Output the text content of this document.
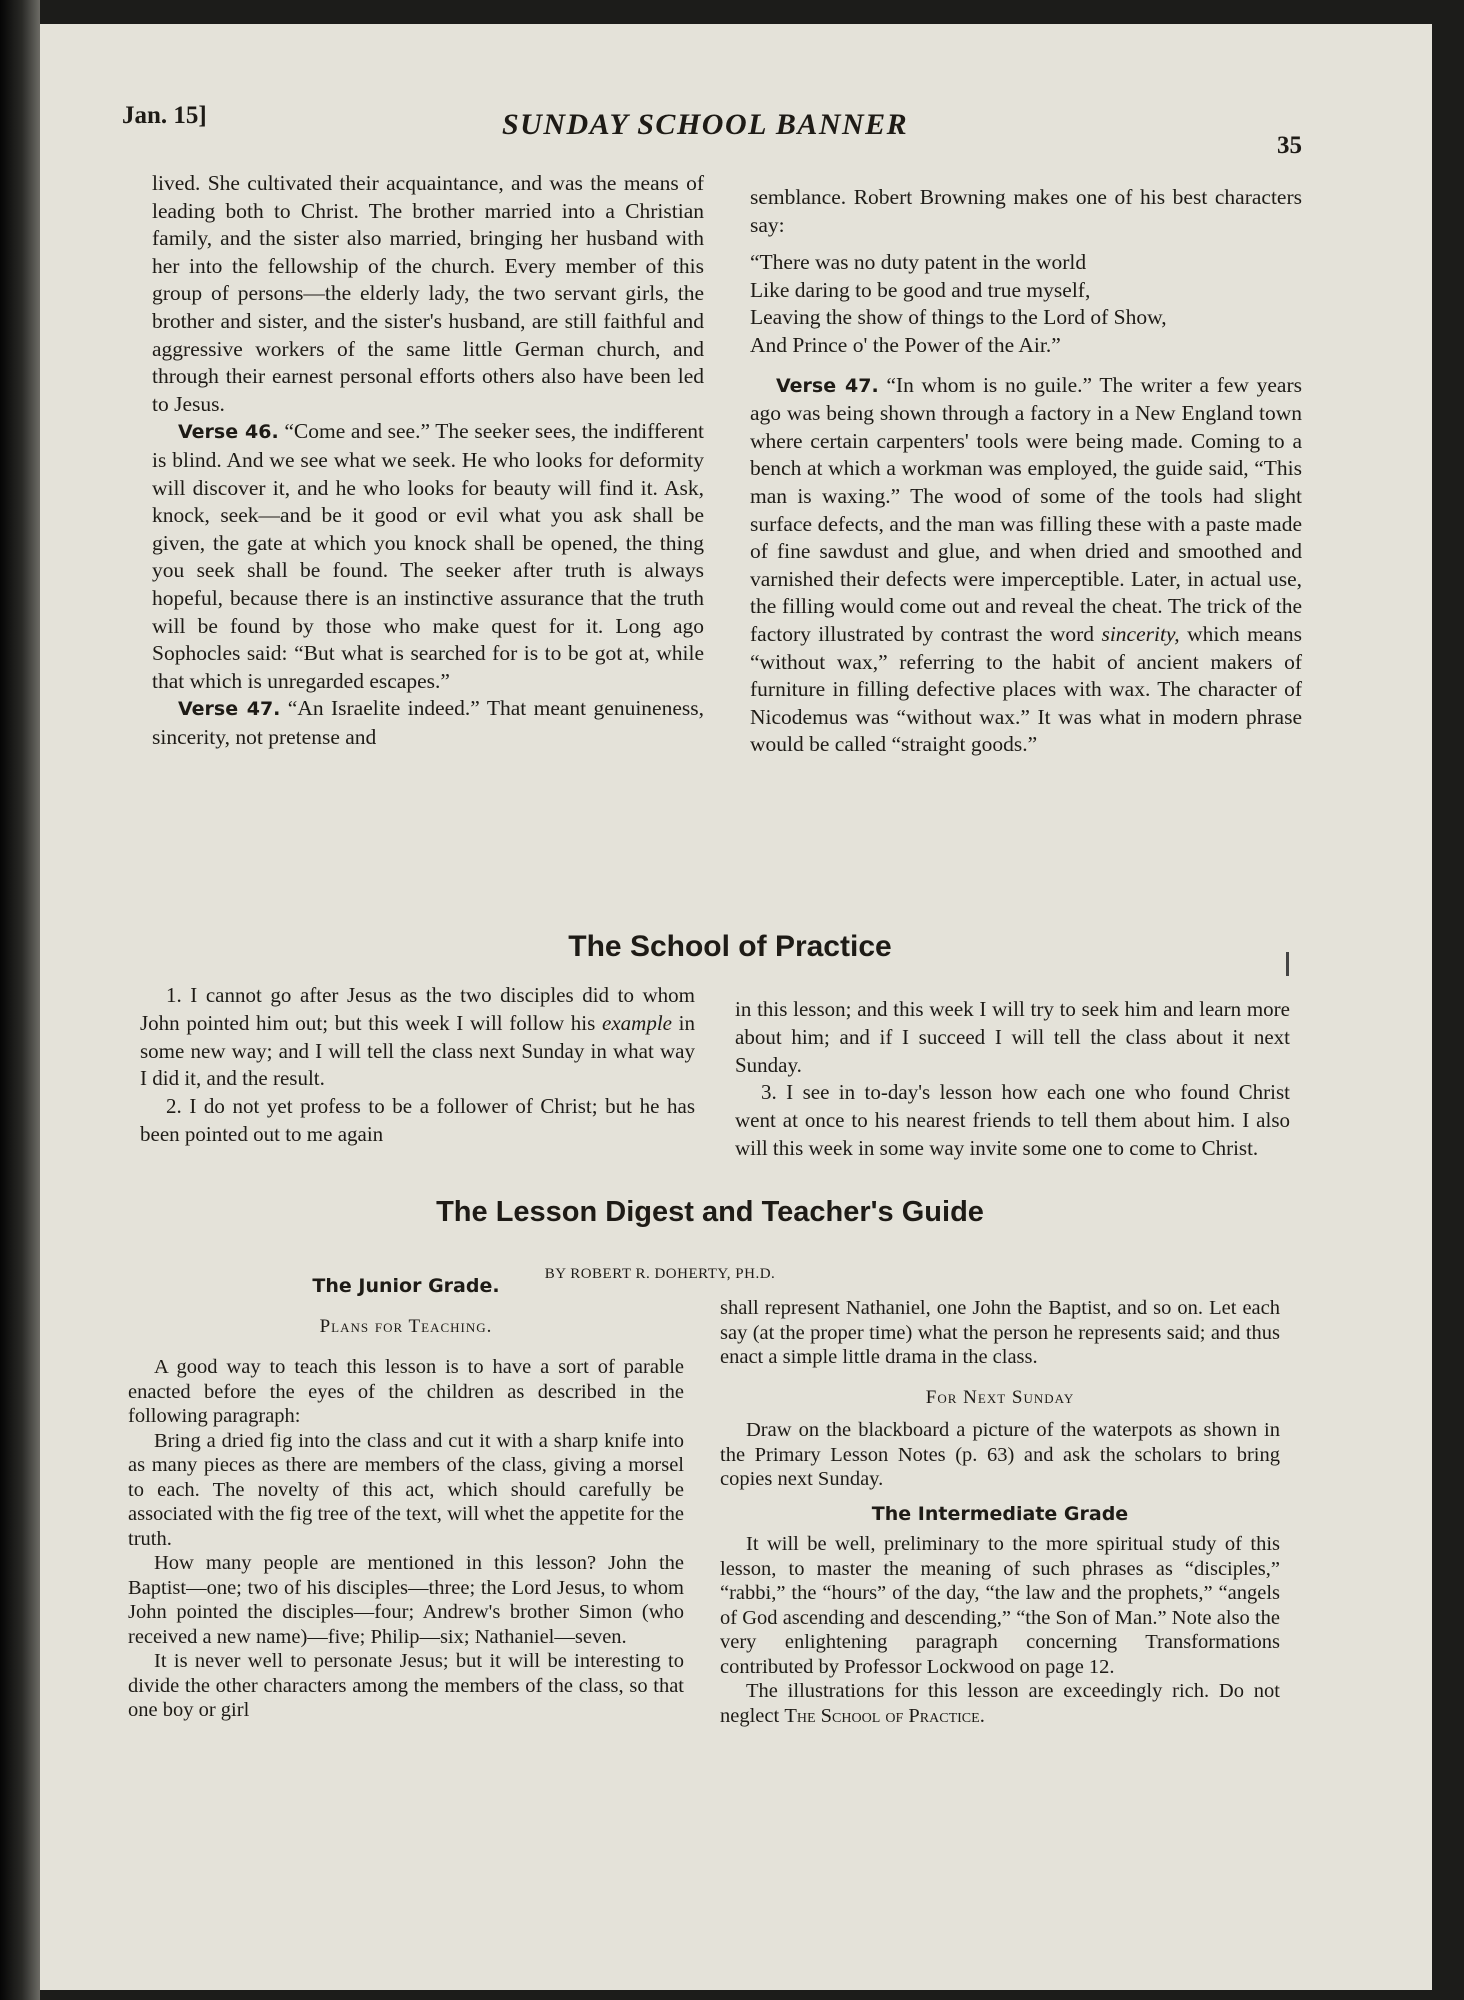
Jan. 15]	SUNDAY SCHOOL BANNER
35

lived. She cultivated their acquaintance, and was the means of leading both to Christ. The brother married into a Christian family, and the sister also married, bringing her husband with her into the fellowship of the church. Every member of this group of persons—the elderly lady, the two servant girls, the brother and sister, and the sister's husband, are still faithful and aggressive workers of the same little German church, and through their earnest personal efforts others also have been led to Jesus.

Verse 46. “Come and see.” The seeker sees, the indifferent is blind. And we see what we seek. He who looks for deformity will discover it, and he who looks for beauty will find it. Ask, knock, seek—and be it good or evil what you ask shall be given, the gate at which you knock shall be opened, the thing you seek shall be found. The seeker after truth is always hopeful, because there is an instinctive assurance that the truth will be found by those who make quest for it. Long ago Sophocles said: “But what is searched for is to be got at, while that which is unregarded escapes.”

Verse 47. “An Israelite indeed.” That meant genuineness, sincerity, not pretense and

semblance. Robert Browning makes one of his best characters say:

“There was no duty patent in the world
Like daring to be good and true myself,
Leaving the show of things to the Lord of Show,
And Prince o' the Power of the Air.”

Verse 47. “In whom is no guile.” The writer a few years ago was being shown through a factory in a New England town where certain carpenters' tools were being made. Coming to a bench at which a workman was employed, the guide said, “This man is waxing.” The wood of some of the tools had slight surface defects, and the man was filling these with a paste made of fine sawdust and glue, and when dried and smoothed and varnished their defects were imperceptible. Later, in actual use, the filling would come out and reveal the cheat. The trick of the factory illustrated by contrast the word sincerity, which means “without wax,” referring to the habit of ancient makers of furniture in filling defective places with wax. The character of Nicodemus was “without wax.” It was what in modern phrase would be called “straight goods.”

The School of Practice

1. I cannot go after Jesus as the two disciples did to whom John pointed him out; but this week I will follow his example in some new way; and I will tell the class next Sunday in what way I did it, and the result.

2. I do not yet profess to be a follower of Christ; but he has been pointed out to me again

in this lesson; and this week I will try to seek him and learn more about him; and if I succeed I will tell the class about it next Sunday.

3. I see in to-day's lesson how each one who found Christ went at once to his nearest friends to tell them about him. I also will this week in some way invite some one to come to Christ.

The Lesson Digest and Teacher's Guide
BY ROBERT R. DOHERTY, PH.D.
The Junior Grade.
Plans for Teaching.

A good way to teach this lesson is to have a sort of parable enacted before the eyes of the children as described in the following paragraph:

Bring a dried fig into the class and cut it with a sharp knife into as many pieces as there are members of the class, giving a morsel to each. The novelty of this act, which should carefully be associated with the fig tree of the text, will whet the appetite for the truth.

How many people are mentioned in this lesson? John the Baptist—one; two of his disciples—three; the Lord Jesus, to whom John pointed the disciples—four; Andrew's brother Simon (who received a new name)—five; Philip—six; Nathaniel—seven.

It is never well to personate Jesus; but it will be interesting to divide the other characters among the members of the class, so that one boy or girl

shall represent Nathaniel, one John the Baptist, and so on. Let each say (at the proper time) what the person he represents said; and thus enact a simple little drama in the class.

For Next Sunday

Draw on the blackboard a picture of the waterpots as shown in the Primary Lesson Notes (p. 63) and ask the scholars to bring copies next Sunday.

The Intermediate Grade

It will be well, preliminary to the more spiritual study of this lesson, to master the meaning of such phrases as “disciples,” “rabbi,” the “hours” of the day, “the law and the prophets,” “angels of God ascending and descending,” “the Son of Man.” Note also the very enlightening paragraph concerning Transformations contributed by Professor Lockwood on page 12.

The illustrations for this lesson are exceedingly rich. Do not neglect The School of Practice.
